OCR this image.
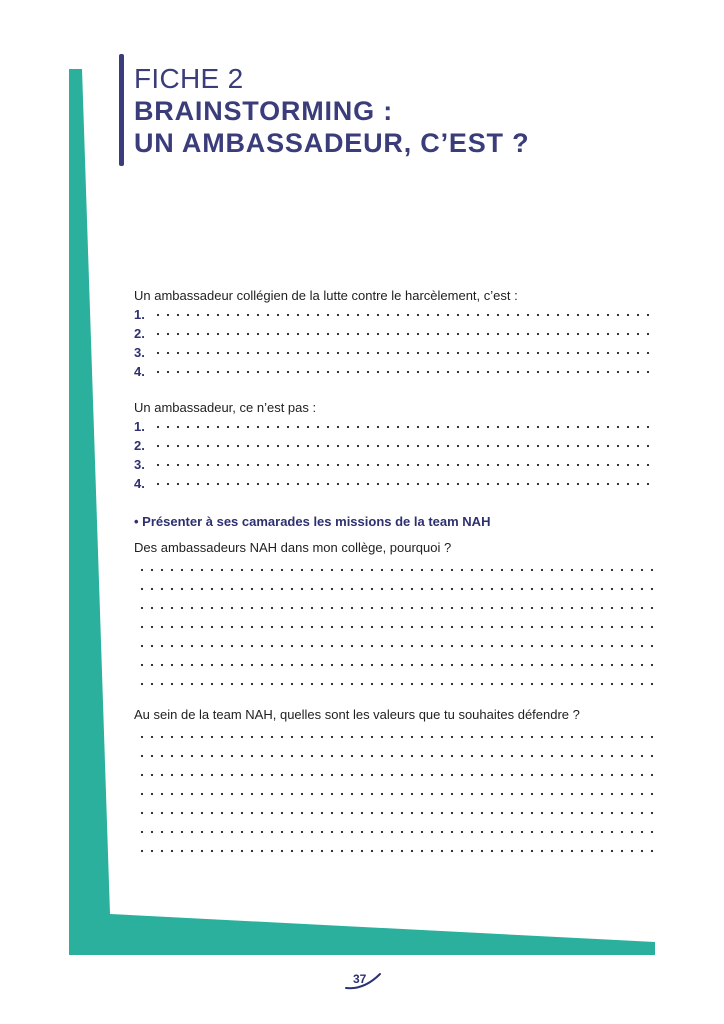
FICHE 2
BRAINSTORMING :
UN AMBASSADEUR, C’EST ?

Un ambassadeur collégien de la lutte contre le harcèlement, c’est :

1.
2.
3.
4.

Un ambassadeur, ce n’est pas :

1.
2.
3.
4.

• Présenter à ses camarades les missions de la team NAH

Des ambassadeurs NAH dans mon collège, pourquoi ?

Au sein de la team NAH, quelles sont les valeurs que tu souhaites défendre ?

37
